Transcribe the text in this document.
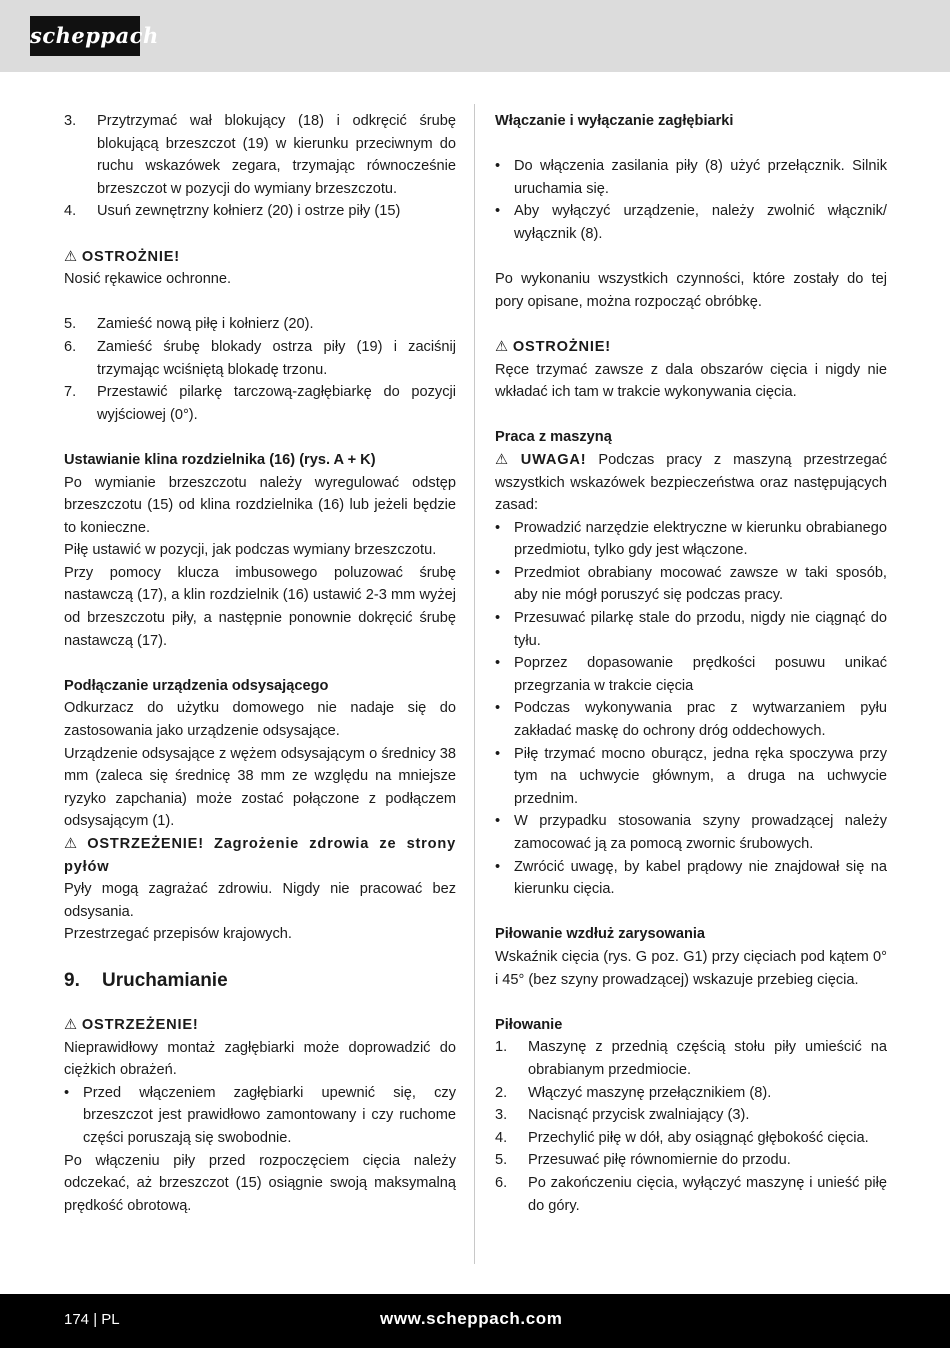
scheppach
3.	Przytrzymać wał blokujący (18) i odkręcić śrubę blokującą brzeszczot (19) w kierunku przeciwnym do ruchu wskazówek zegara, trzymając równocześnie brzeszczot w pozycji do wymiany brzeszczotu.
4.	Usuń zewnętrzny kołnierz (20) i ostrze piły (15)

⚠ OSTROŻNIE!

Nosić rękawice ochronne.

5.	Zamieść nową piłę i kołnierz (20).
6.	Zamieść śrubę blokady ostrza piły (19) i zaciśnij trzymając wciśniętą blokadę trzonu.
7.	Przestawić pilarkę tarczową-zagłębiarkę do pozycji wyjściowej (0°).

Ustawianie klina rozdzielnika (16) (rys. A + K)

Po wymianie brzeszczotu należy wyregulować odstęp brzeszczotu (15) od klina rozdzielnika (16) lub jeżeli będzie to konieczne.

Piłę ustawić w pozycji, jak podczas wymiany brzeszczotu.

Przy pomocy klucza imbusowego poluzować śrubę nastawczą (17), a klin rozdzielnik (16) ustawić 2-3 mm wyżej od brzeszczotu piły, a następnie ponownie dokręcić śrubę nastawczą (17).

Podłączanie urządzenia odsysającego

Odkurzacz do użytku domowego nie nadaje się do zastosowania jako urządzenie odsysające.

Urządzenie odsysające z wężem odsysającym o średnicy 38 mm (zaleca się średnicę 38 mm ze względu na mniejsze ryzyko zapchania) może zostać połączone z podłączem odsysającym (1).

⚠ OSTRZEŻENIE! Zagrożenie zdrowia ze strony pyłów

Pyły mogą zagrażać zdrowiu. Nigdy nie pracować bez odsysania.

Przestrzegać przepisów krajowych.

9. Uruchamianie

⚠ OSTRZEŻENIE!

Nieprawidłowy montaż zagłębiarki może doprowadzić do ciężkich obrażeń.

• Przed włączeniem zagłębiarki upewnić się, czy brzeszczot jest prawidłowo zamontowany i czy ruchome części poruszają się swobodnie.

Po włączeniu piły przed rozpoczęciem cięcia należy odczekać, aż brzeszczot (15) osiągnie swoją maksymalną prędkość obrotową.

Włączanie i wyłączanie zagłębiarki

• Do włączenia zasilania piły (8) użyć przełącznik. Silnik uruchamia się.
• Aby wyłączyć urządzenie, należy zwolnić włącznik/ wyłącznik (8).

Po wykonaniu wszystkich czynności, które zostały do tej pory opisane, można rozpocząć obróbkę.

⚠ OSTROŻNIE!

Ręce trzymać zawsze z dala obszarów cięcia i nigdy nie wkładać ich tam w trakcie wykonywania cięcia.

Praca z maszyną

⚠ UWAGA! Podczas pracy z maszyną przestrzegać wszystkich wskazówek bezpieczeństwa oraz następujących zasad:

• Prowadzić narzędzie elektryczne w kierunku obrabianego przedmiotu, tylko gdy jest włączone.
• Przedmiot obrabiany mocować zawsze w taki sposób, aby nie mógł poruszyć się podczas pracy.
• Przesuwać pilarkę stale do przodu, nigdy nie ciągnąć do tyłu.
• Poprzez dopasowanie prędkości posuwu unikać przegrzania w trakcie cięcia
• Podczas wykonywania prac z wytwarzaniem pyłu zakładać maskę do ochrony dróg oddechowych.
• Piłę trzymać mocno oburącz, jedna ręka spoczywa przy tym na uchwycie głównym, a druga na uchwycie przednim.
• W przypadku stosowania szyny prowadzącej należy zamocować ją za pomocą zwornic śrubowych.
• Zwrócić uwagę, by kabel prądowy nie znajdował się na kierunku cięcia.

Piłowanie wzdłuż zarysowania

Wskaźnik cięcia (rys. G poz. G1) przy cięciach pod kątem 0° i 45° (bez szyny prowadzącej) wskazuje przebieg cięcia.

Piłowanie

1.	Maszynę z przednią częścią stołu piły umieścić na obrabianym przedmiocie.
2.	Włączyć maszynę przełącznikiem (8).
3.	Nacisnąć przycisk zwalniający (3).
4.	Przechylić piłę w dół, aby osiągnąć głębokość cięcia.
5.	Przesuwać piłę równomiernie do przodu.
6.	Po zakończeniu cięcia, wyłączyć maszynę i unieść piłę do góry.
174 | PL	www.scheppach.com
